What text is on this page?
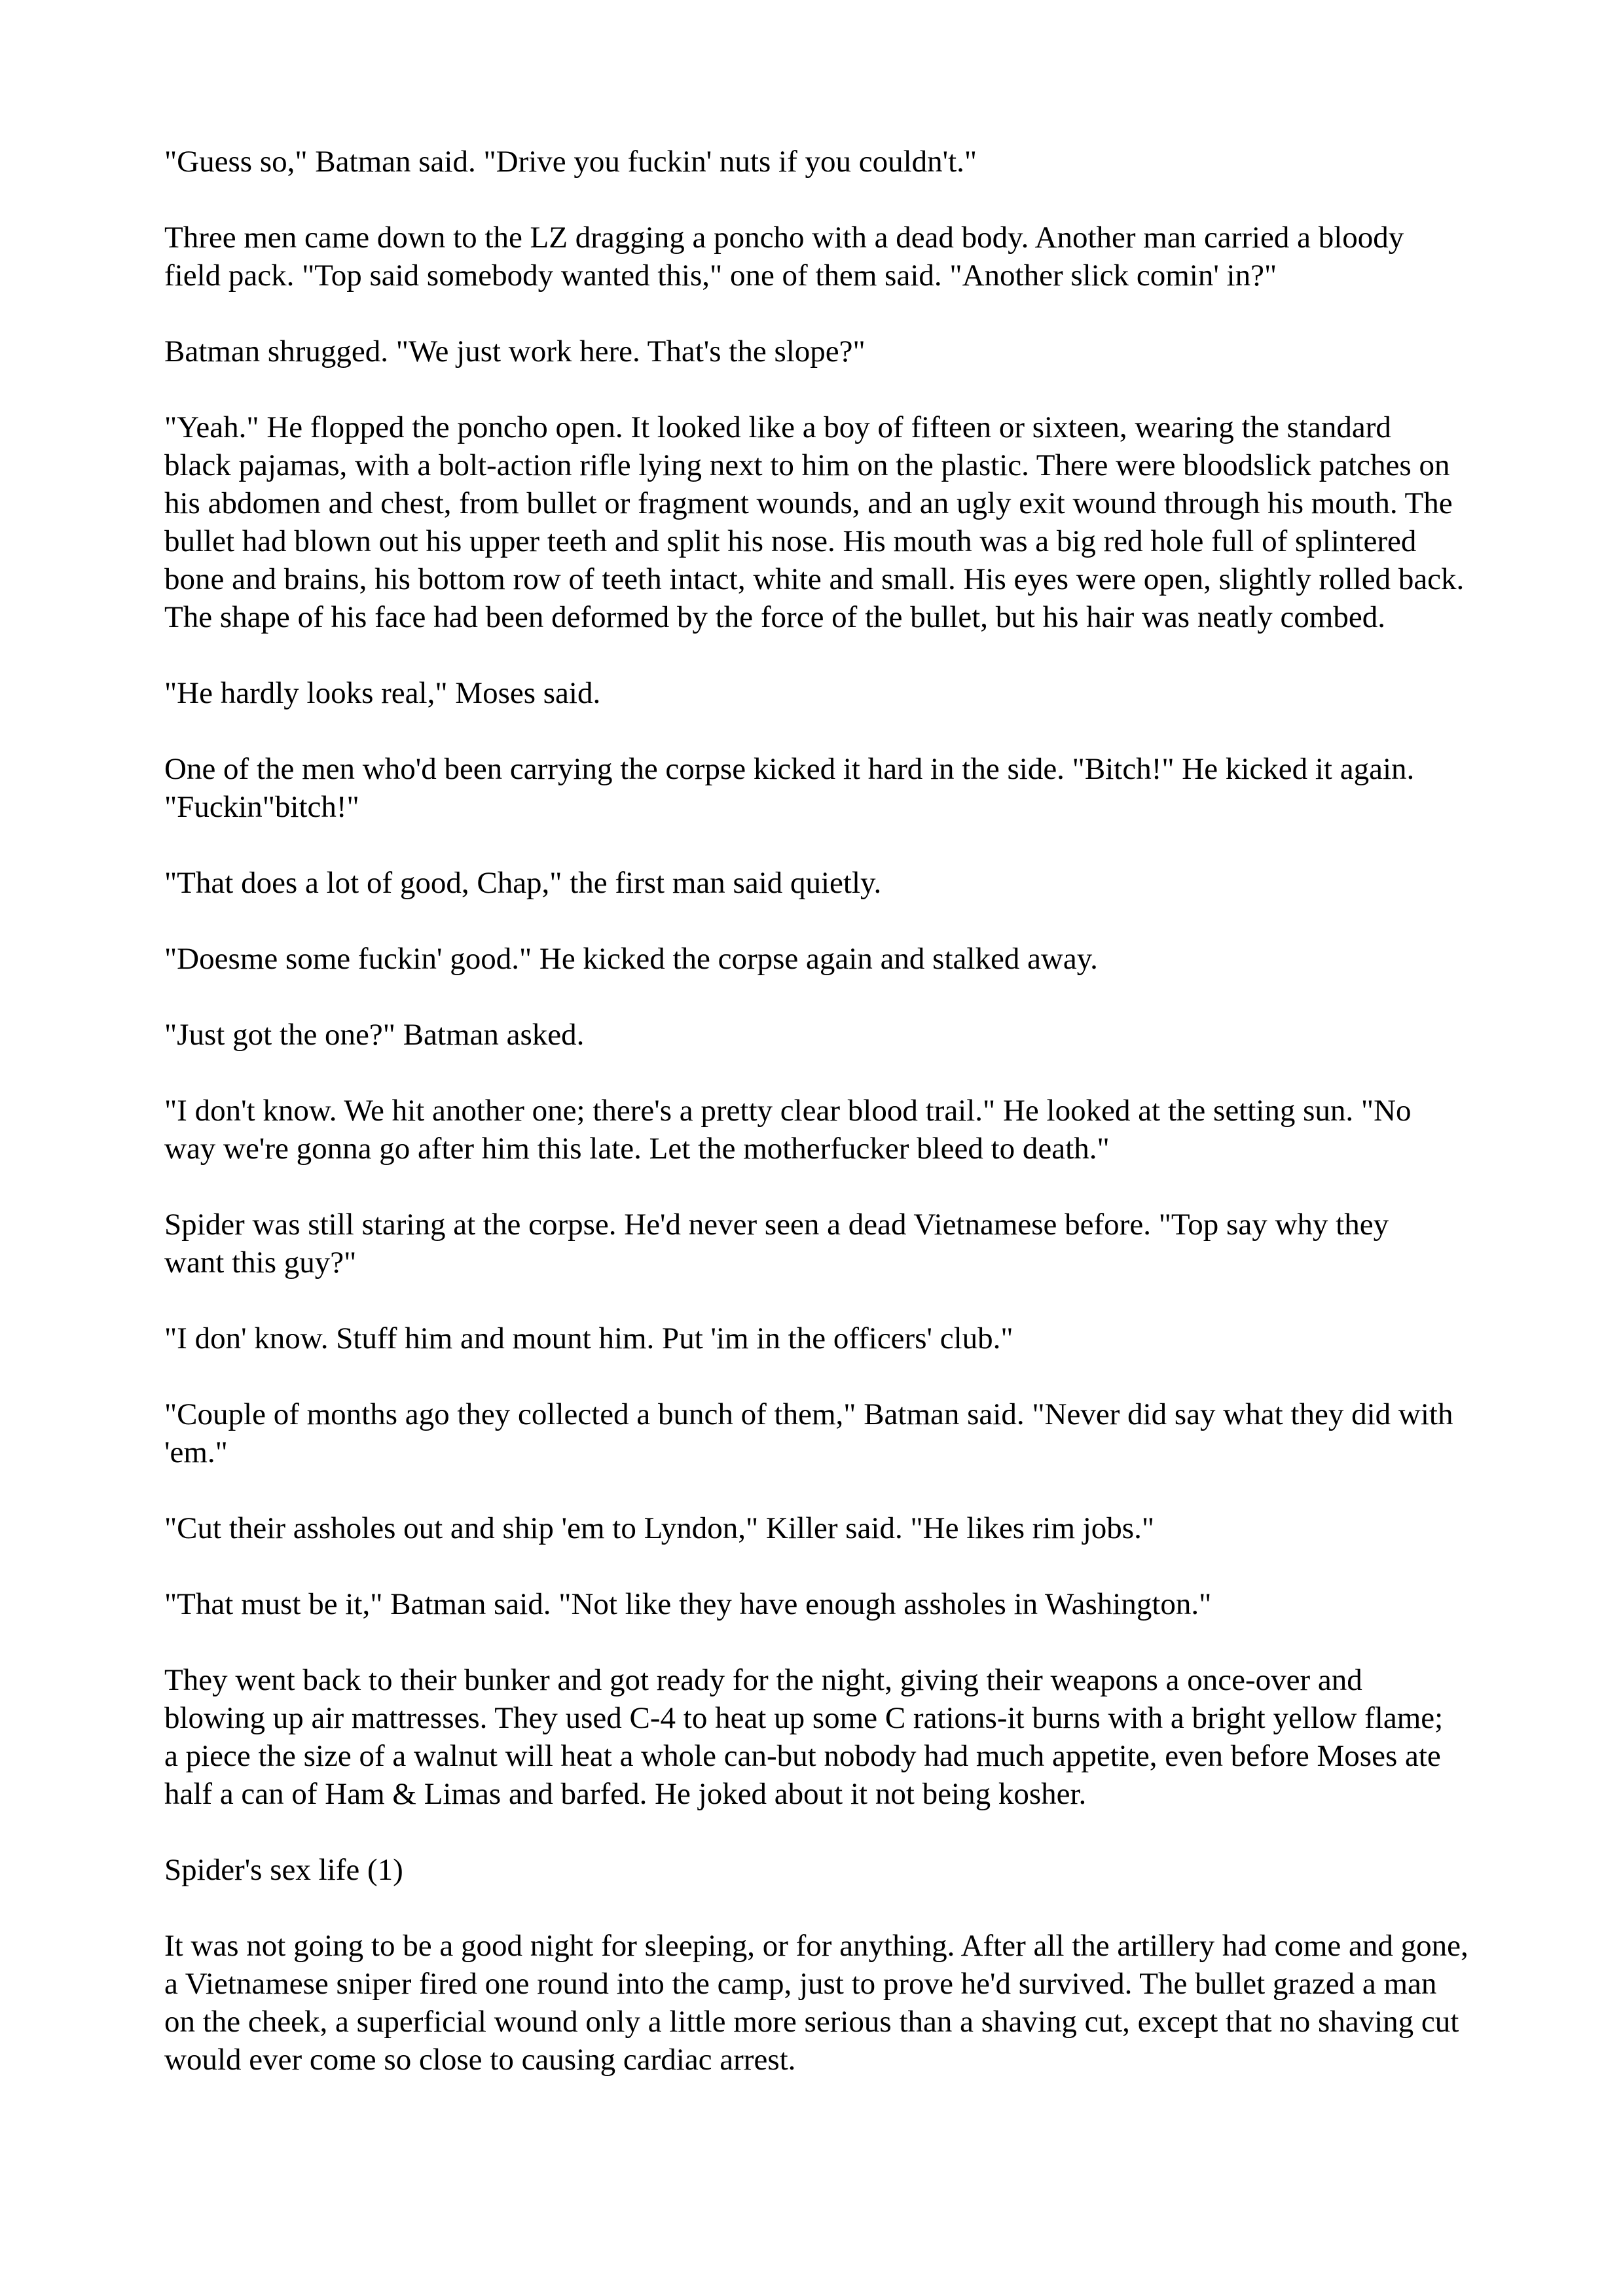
"Guess so," Batman said. "Drive you fuckin' nuts if you couldn't."

Three men came down to the LZ dragging a poncho with a dead body. Another man carried a bloody
field pack. "Top said somebody wanted this," one of them said. "Another slick comin' in?"

Batman shrugged. "We just work here. That's the slope?"

"Yeah." He flopped the poncho open. It looked like a boy of fifteen or sixteen, wearing the standard
black pajamas, with a bolt-action rifle lying next to him on the plastic. There were bloodslick patches on
his abdomen and chest, from bullet or fragment wounds, and an ugly exit wound through his mouth. The
bullet had blown out his upper teeth and split his nose. His mouth was a big red hole full of splintered
bone and brains, his bottom row of teeth intact, white and small. His eyes were open, slightly rolled back.
The shape of his face had been deformed by the force of the bullet, but his hair was neatly combed.

"He hardly looks real," Moses said.

One of the men who'd been carrying the corpse kicked it hard in the side. "Bitch!" He kicked it again.
"Fuckin"bitch!"

"That does a lot of good, Chap," the first man said quietly.

"Doesme some fuckin' good." He kicked the corpse again and stalked away.

"Just got the one?" Batman asked.

"I don't know. We hit another one; there's a pretty clear blood trail." He looked at the setting sun. "No
way we're gonna go after him this late. Let the motherfucker bleed to death."

Spider was still staring at the corpse. He'd never seen a dead Vietnamese before. "Top say why they
want this guy?"

"I don' know. Stuff him and mount him. Put 'im in the officers' club."

"Couple of months ago they collected a bunch of them," Batman said. "Never did say what they did with
'em."

"Cut their assholes out and ship 'em to Lyndon," Killer said. "He likes rim jobs."

"That must be it," Batman said. "Not like they have enough assholes in Washington."

They went back to their bunker and got ready for the night, giving their weapons a once-over and
blowing up air mattresses. They used C-4 to heat up some C rations-it burns with a bright yellow flame;
a piece the size of a walnut will heat a whole can-but nobody had much appetite, even before Moses ate
half a can of Ham & Limas and barfed. He joked about it not being kosher.

Spider's sex life (1)

It was not going to be a good night for sleeping, or for anything. After all the artillery had come and gone,
a Vietnamese sniper fired one round into the camp, just to prove he'd survived. The bullet grazed a man
on the cheek, a superficial wound only a little more serious than a shaving cut, except that no shaving cut
would ever come so close to causing cardiac arrest.
